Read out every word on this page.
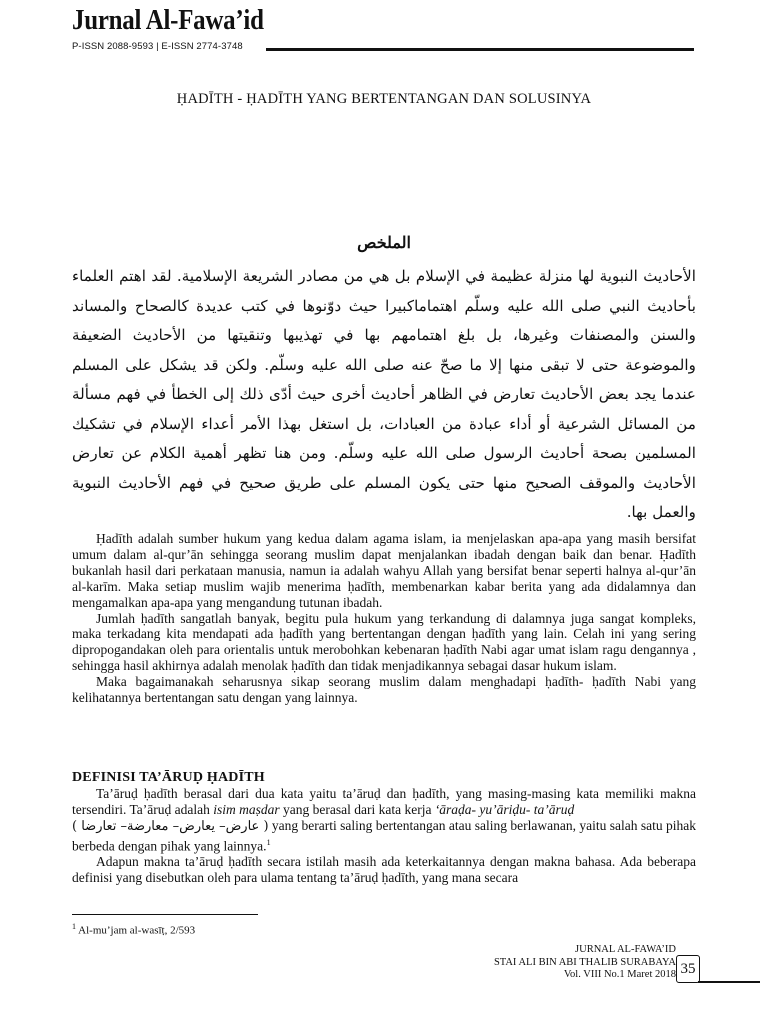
Jurnal Al-Fawa’id
P-ISSN 2088-9593 | E-ISSN 2774-3748
ḤADĪTH - ḤADĪTH YANG BERTENTANGAN DAN SOLUSINYA
الملخص
الأحاديث النبوية لها منزلة عظيمة في الإسلام بل هي من مصادر الشريعة الإسلامية. لقد اهتم العلماء بأحاديث النبي صلى الله عليه وسلّم اهتماماكبيرا حيث دوّنوها في كتب عديدة كالصحاح والمساند والسنن والمصنفات وغيرها، بل بلغ اهتمامهم بها في تهذيبها وتنقيتها من الأحاديث الضعيفة والموضوعة حتى لا تبقى منها إلا ما صحّ عنه صلى الله عليه وسلّم. ولكن قد يشكل على المسلم عندما يجد بعض الأحاديث تعارض في الظاهر أحاديث أخرى حيث أدّى ذلك إلى الخطأ في فهم مسألة من المسائل الشرعية أو أداء عبادة من العبادات، بل استغل بهذا الأمر أعداء الإسلام في تشكيك المسلمين بصحة أحاديث الرسول صلى الله عليه وسلّم. ومن هنا تظهر أهمية الكلام عن تعارض الأحاديث والموقف الصحيح منها حتى يكون المسلم على طريق صحيح في فهم الأحاديث النبوية والعمل بها.

Ḥadīth adalah sumber hukum yang kedua dalam agama islam, ia menjelaskan apa-apa yang masih bersifat umum dalam al-qur’ān sehingga seorang muslim dapat menjalankan ibadah dengan baik dan benar. Ḥadīth bukanlah hasil dari perkataan manusia, namun ia adalah wahyu Allah yang bersifat benar seperti halnya al-qur’ān al-karīm. Maka setiap muslim wajib menerima ḥadīth, membenarkan kabar berita yang ada didalamnya dan mengamalkan apa-apa yang mengandung tutunan ibadah.

Jumlah ḥadīth sangatlah banyak, begitu pula hukum yang terkandung di dalamnya juga sangat kompleks, maka terkadang kita mendapati ada ḥadīth yang bertentangan dengan ḥadīth yang lain. Celah ini yang sering dipropogandakan oleh para orientalis untuk merobohkan kebenaran ḥadīth Nabi agar umat islam ragu dengannya , sehingga hasil akhirnya adalah menolak ḥadīth dan tidak menjadikannya sebagai dasar hukum islam.

Maka bagaimanakah seharusnya sikap seorang muslim dalam menghadapi ḥadīth- ḥadīth Nabi yang kelihatannya bertentangan satu dengan yang lainnya.

DEFINISI TA’ĀRUḌ ḤADĪTH

Ta’āruḍ ḥadīth berasal dari dua kata yaitu ta’āruḍ dan ḥadīth, yang masing-masing kata memiliki makna tersendiri. Ta’āruḍ adalah isim maṣdar yang berasal dari kata kerja ‘āraḍa- yu’āriḍu- ta’āruḍ
( عارض– يعارض– معارضة– تعارضا ) yang berarti saling bertentangan atau saling berlawanan, yaitu salah satu pihak berbeda dengan pihak yang lainnya.$^1$

Adapun makna ta’āruḍ ḥadīth secara istilah masih ada keterkaitannya dengan makna bahasa. Ada beberapa definisi yang disebutkan oleh para ulama tentang ta’āruḍ ḥadīth, yang mana secara

$^1$ Al-mu’jam al-wasīṭ, 2/593
JURNAL AL-FAWA’ID
STAI ALI BIN ABI THALIB SURABAYA
Vol. VIII No.1 Maret 2018 35
